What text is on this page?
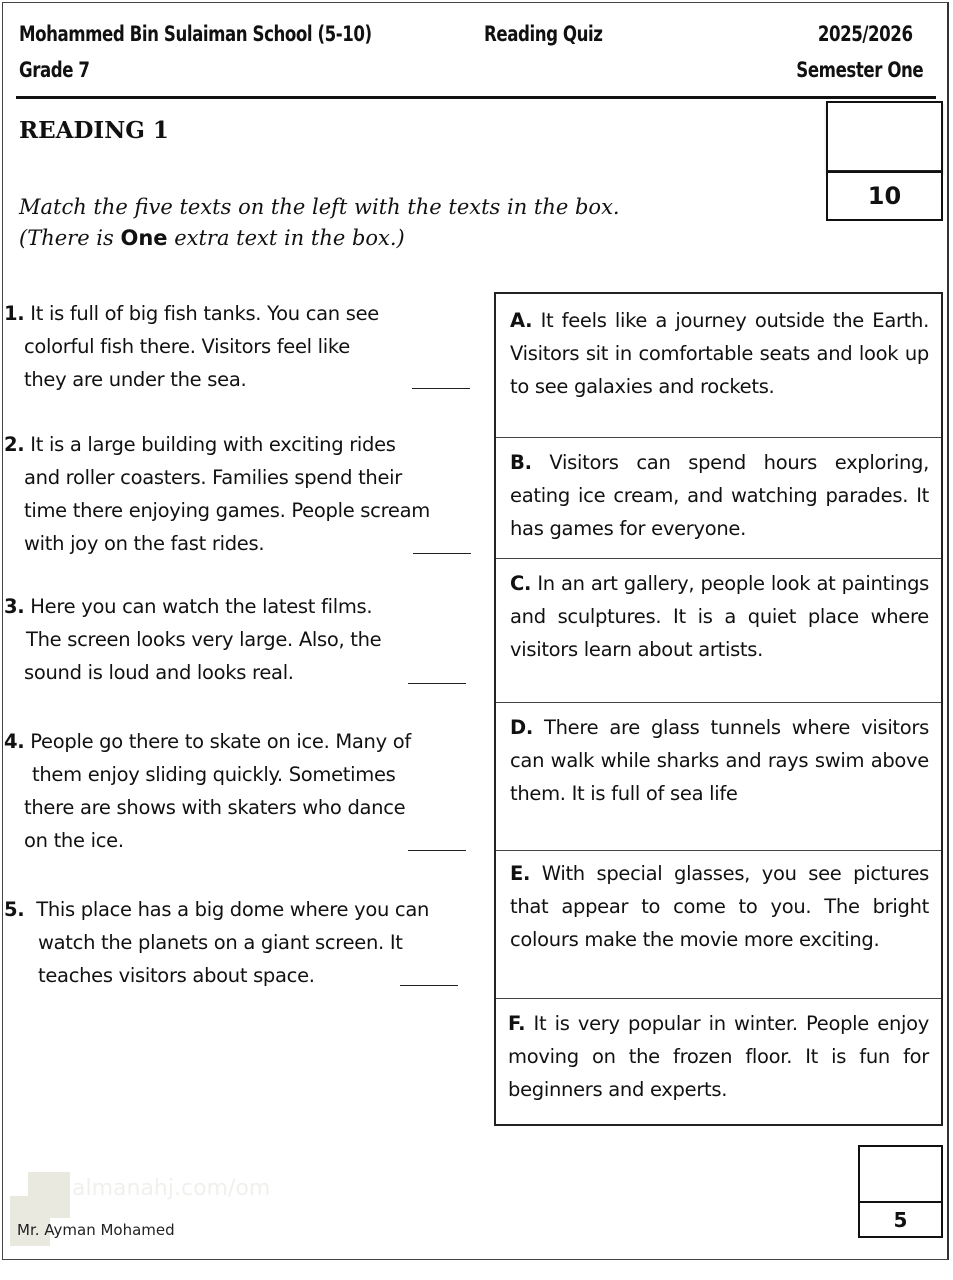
Mohammed Bin Sulaiman School (5-10)	Reading Quiz	2025/2026
Grade 7	Semester One
10
READING 1
Match the five texts on the left with the texts in the box.
(There is One extra text in the box.)
1. It is full of big fish tanks. You can see
colorful fish there. Visitors feel like
they are under the sea.
2. It is a large building with exciting rides
and roller coasters. Families spend their
time there enjoying games. People scream
with joy on the fast rides.
3. Here you can watch the latest films.
The screen looks very large. Also, the
sound is loud and looks real.
4. People go there to skate on ice. Many of
them enjoy sliding quickly. Sometimes
there are shows with skaters who dance
on the ice.
5. This place has a big dome where you can
watch the planets on a giant screen. It
teaches visitors about space.
A. It feels like a journey outside the Earth. Visitors sit in comfortable seats and look up to see galaxies and rockets.
B. Visitors can spend hours exploring, eating ice cream, and watching parades. It has games for everyone.
C. In an art gallery, people look at paintings and sculptures. It is a quiet place where visitors learn about artists.
D. There are glass tunnels where visitors can walk while sharks and rays swim above them. It is full of sea life
E. With special glasses, you see pictures that appear to come to you. The bright colours make the movie more exciting.
F. It is very popular in winter. People enjoy moving on the frozen floor. It is fun for beginners and experts.
almanahj.com/om
Mr. Ayman Mohamed	5
